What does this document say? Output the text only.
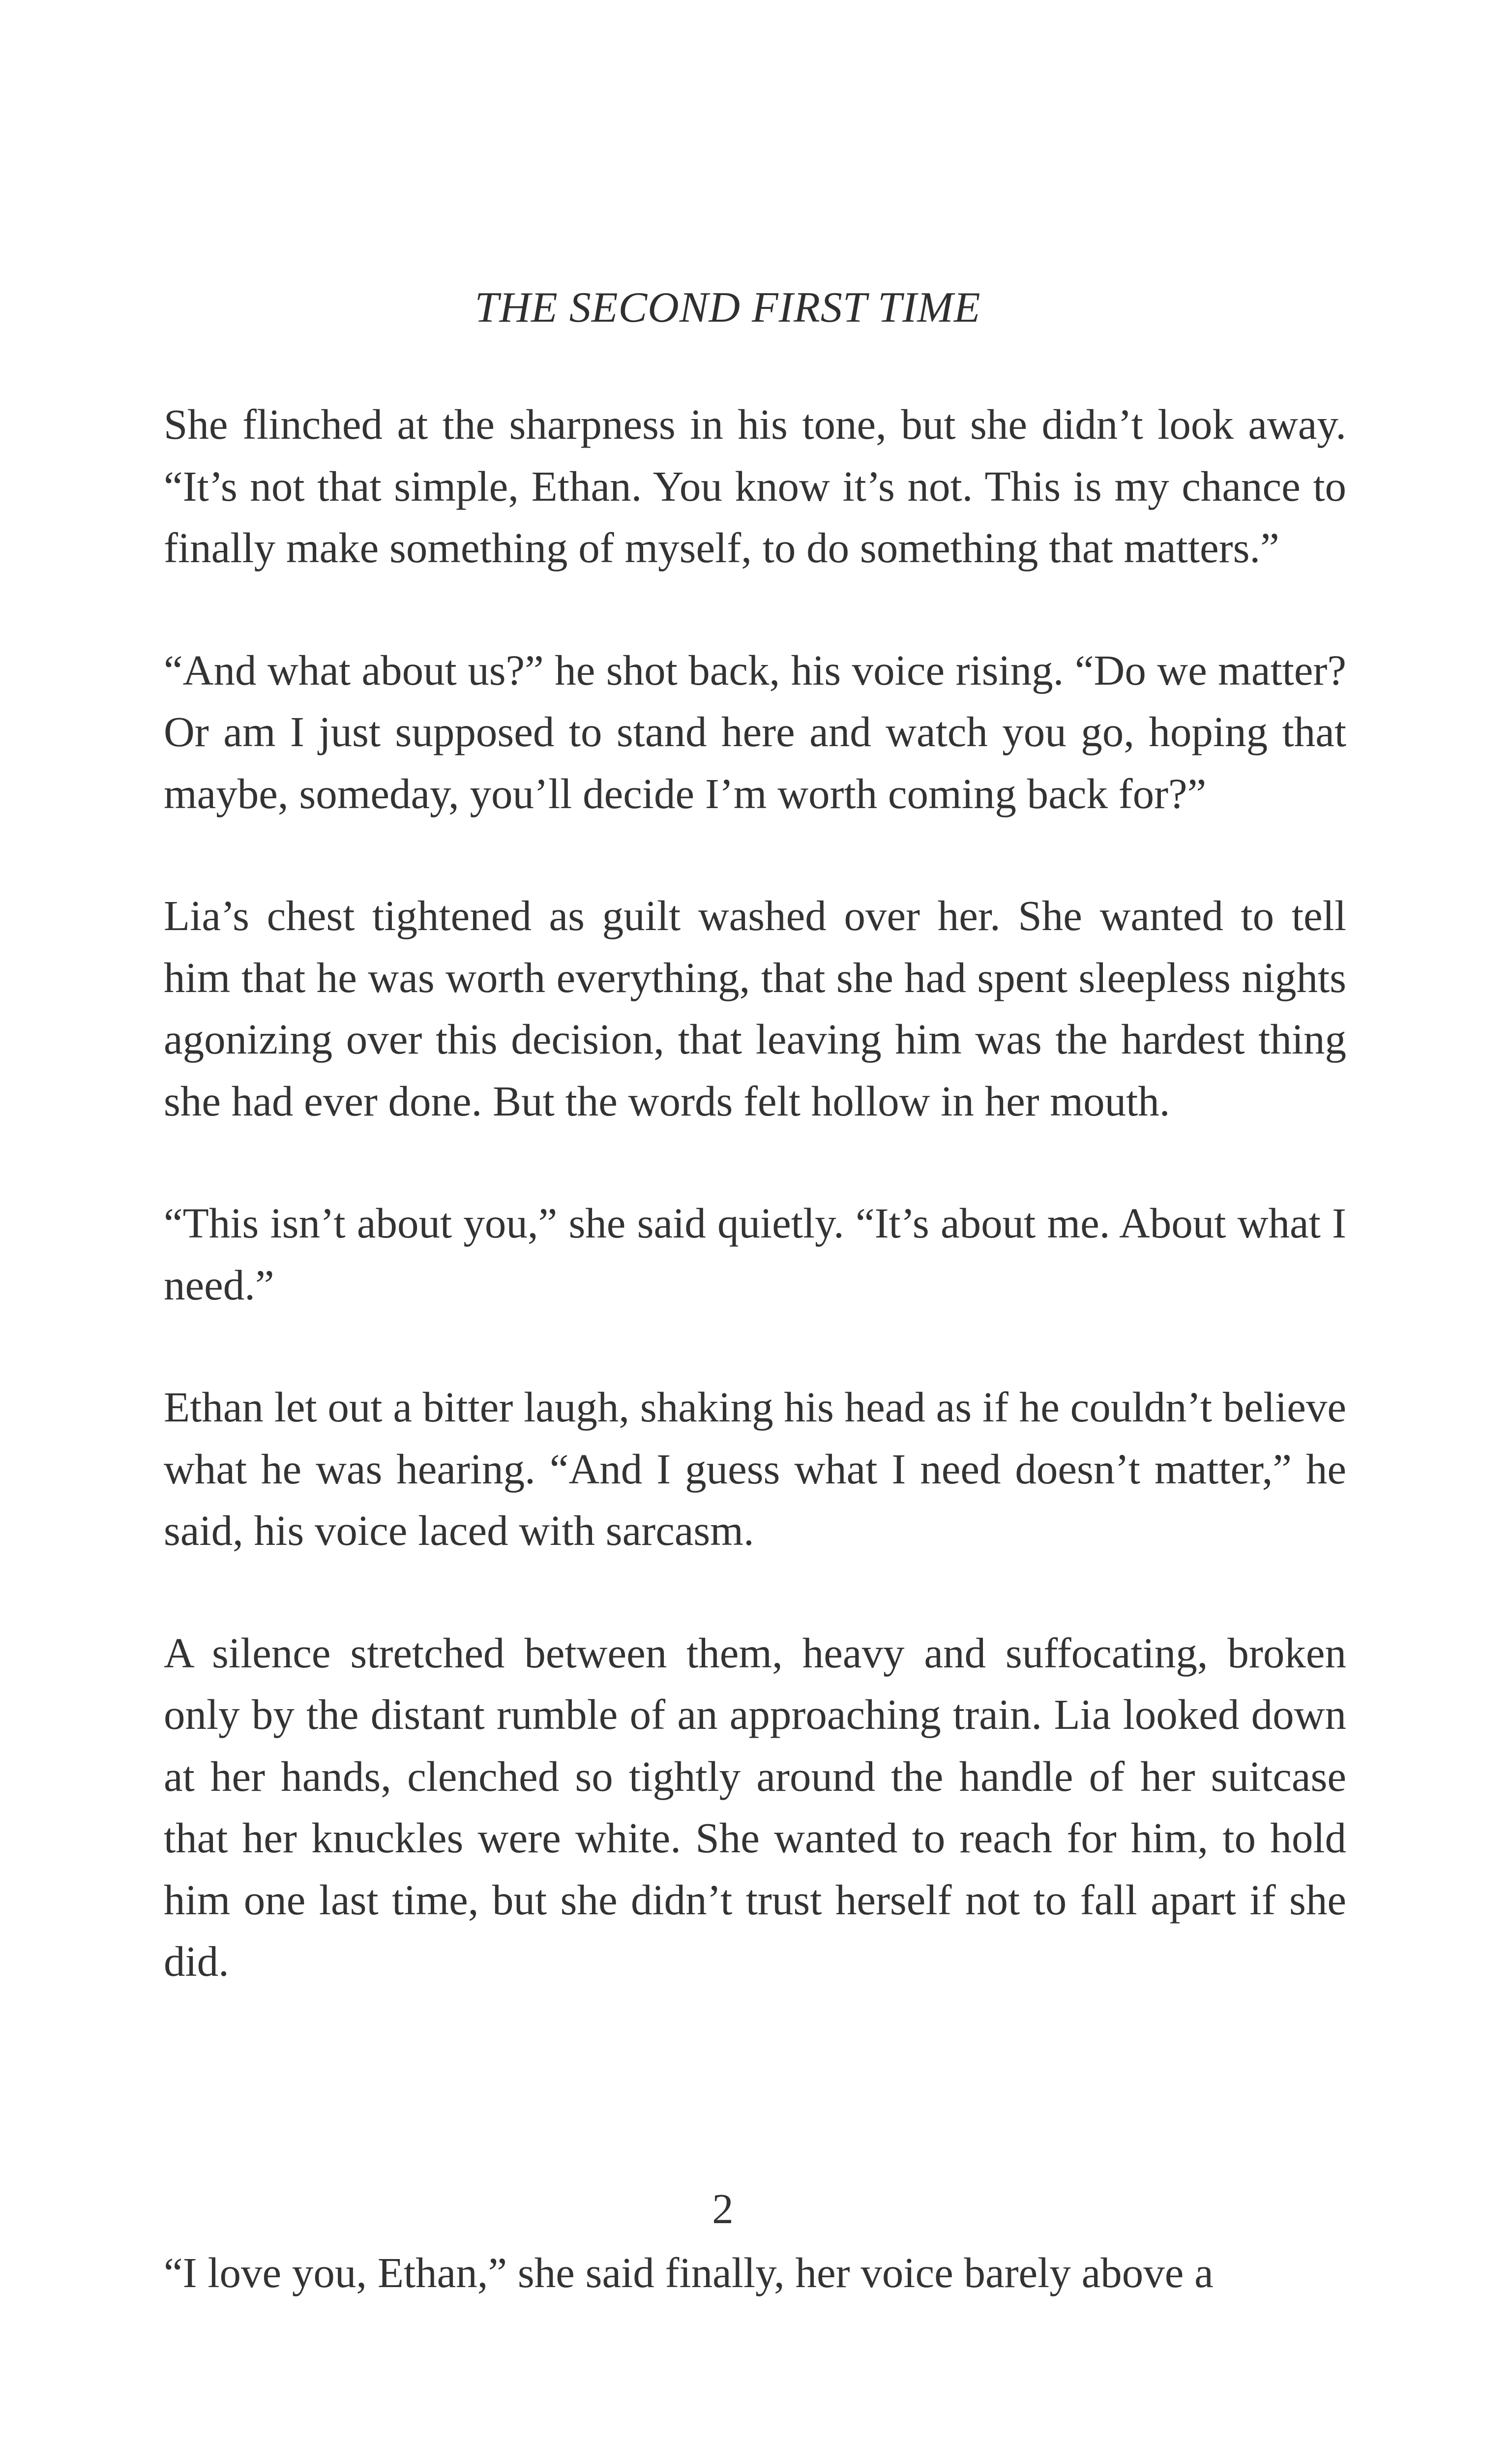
THE SECOND FIRST TIME

She flinched at the sharpness in his tone, but she didn’t look away. “It’s not that simple, Ethan. You know it’s not. This is my chance to finally make something of myself, to do something that matters.”

“And what about us?” he shot back, his voice rising. “Do we matter? Or am I just supposed to stand here and watch you go, hoping that maybe, someday, you’ll decide I’m worth coming back for?”

Lia’s chest tightened as guilt washed over her. She wanted to tell him that he was worth everything, that she had spent sleepless nights agonizing over this decision, that leaving him was the hardest thing she had ever done. But the words felt hollow in her mouth.

“This isn’t about you,” she said quietly. “It’s about me. About what I need.”

Ethan let out a bitter laugh, shaking his head as if he couldn’t believe what he was hearing. “And I guess what I need doesn’t matter,” he said, his voice laced with sarcasm.

A silence stretched between them, heavy and suffocating, broken only by the distant rumble of an approaching train. Lia looked down at her hands, clenched so tightly around the handle of her suitcase that her knuckles were white. She wanted to reach for him, to hold him one last time, but she didn’t trust herself not to fall apart if she did.

2
“I love you, Ethan,” she said finally, her voice barely above a
